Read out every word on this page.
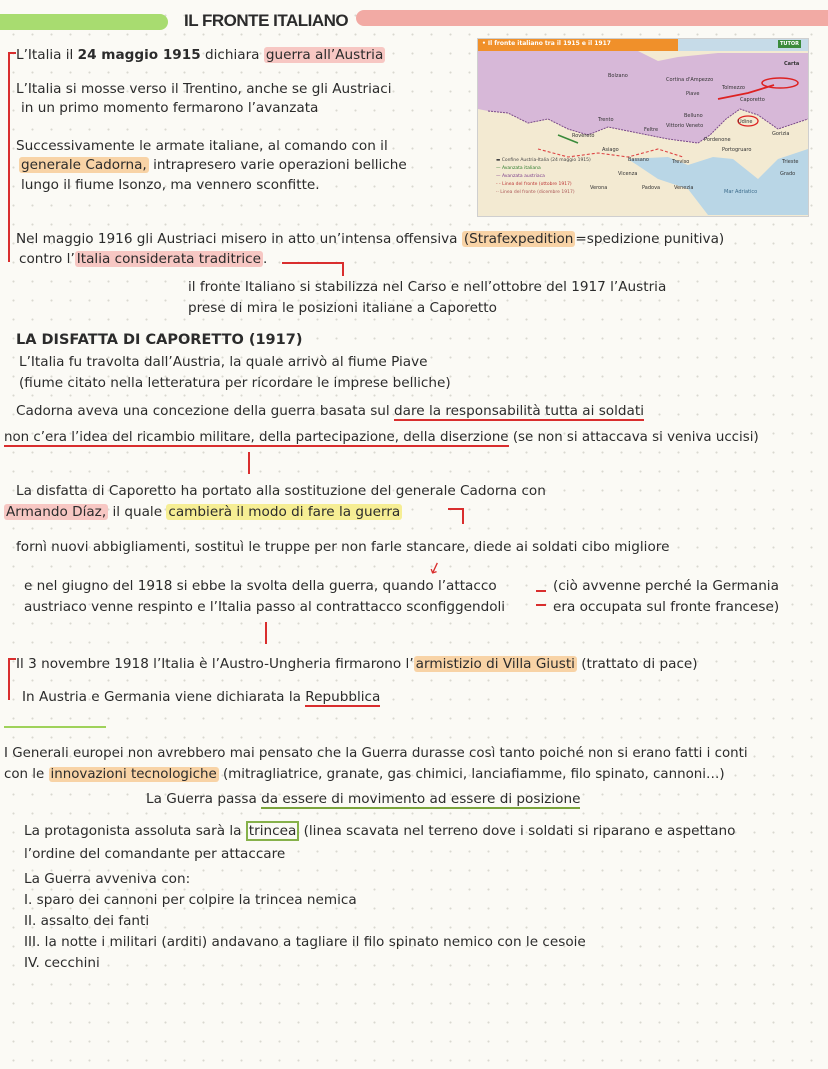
IL FRONTE ITALIANO
L’Italia il 24 maggio 1915 dichiara guerra all’Austria
L’Italia si mosse verso il Trentino, anche se gli Austriaci
in un primo momento fermarono l’avanzata
Successivamente le armate italiane, al comando con il
generale Cadorna, intrapresero varie operazioni belliche
lungo il fiume Isonzo, ma vennero sconfitte.
• Il fronte italiano tra il 1915 e il 1917	TUTOR
Carta
Bolzano
Cortina d'Ampezzo
Tolmezzo
Caporetto
Udine
Gorizia
Trieste
Trento
Rovereto
Asiago
Bassano	Treviso
Vicenza
Verona	Padova	Venezia
Pordenone
Belluno
Feltre
Portogruaro
Grado
Vittorio Veneto
Piave
Mar Adriatico
▬ Confine Austria-Italia (24 maggio 1915)
— Avanzata italiana
— Avanzata austriaca
- - Linea del fronte (ottobre 1917)
·· Linea del fronte (dicembre 1917)
Nel maggio 1916 gli Austriaci misero in atto un’intensa offensiva (Strafexpedition =spedizione punitiva)
contro l’ Italia considerata traditrice .
il fronte Italiano si stabilizza nel Carso e nell’ottobre del 1917 l’Austria
prese di mira le posizioni italiane a Caporetto
LA DISFATTA DI CAPORETTO (1917)
L’Italia fu travolta dall’Austria, la quale arrivò al fiume Piave
(fiume citato nella letteratura per ricordare le imprese belliche)
Cadorna aveva una concezione della guerra basata sul dare la responsabilità tutta ai soldati
non c’era l’idea del ricambio militare, della partecipazione, della diserzione (se non si attaccava si veniva uccisi)
La disfatta di Caporetto ha portato alla sostituzione del generale Cadorna con
Armando Díaz, il quale cambierà il modo di fare la guerra
fornì nuovi abbigliamenti, sostituì le truppe per non farle stancare, diede ai soldati cibo migliore
↙
e nel giugno del 1918 si ebbe la svolta della guerra, quando l’attacco
austriaco venne respinto e l’Italia passo al contrattacco sconfiggendoli
(ciò avvenne perché la Germania
era occupata sul fronte francese)
Il 3 novembre 1918 l’Italia è l’Austro-Ungheria firmarono l’ armistizio di Villa Giusti (trattato di pace)
In Austria e Germania viene dichiarata la Repubblica
I Generali europei non avrebbero mai pensato che la Guerra durasse così tanto poiché non si erano fatti i conti
con le innovazioni tecnologiche (mitragliatrice, granate, gas chimici, lanciafiamme, filo spinato, cannoni…)
La Guerra passa da essere di movimento ad essere di posizione
La protagonista assoluta sarà la trincea (linea scavata nel terreno dove i soldati si riparano e aspettano
l’ordine del comandante per attaccare
La Guerra avveniva con:
I. sparo dei cannoni per colpire la trincea nemica
II. assalto dei fanti
III. la notte i militari (arditi) andavano a tagliare il filo spinato nemico con le cesoie
IV. cecchini
